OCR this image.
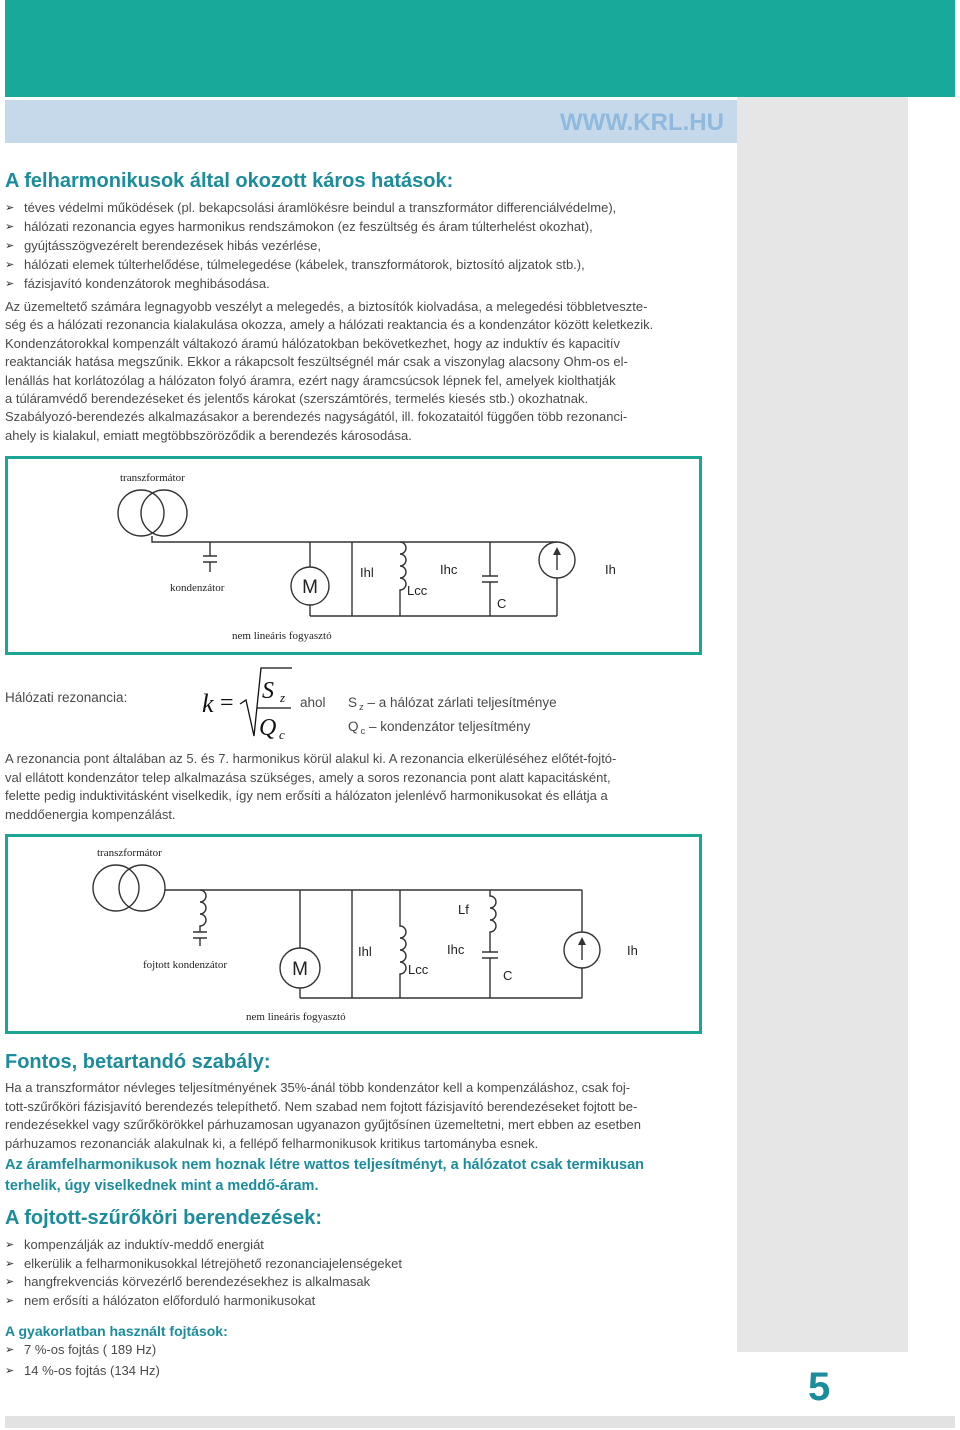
WWW.KRL.HU
A felharmonikusok által okozott káros hatások:
➢
téves védelmi működések (pl. bekapcsolási áramlökésre beindul a transzformátor differenciálvédelme),
➢
hálózati rezonancia egyes harmonikus rendszámokon (ez feszültség és áram túlterhelést okozhat),
➢
gyújtásszögvezérelt berendezések hibás vezérlése,
➢
hálózati elemek túlterhelődése, túlmelegedése (kábelek, transzformátorok, biztosító aljzatok stb.),
➢
fázisjavító kondenzátorok meghibásodása.
Az üzemeltető számára legnagyobb veszélyt a melegedés, a biztosítók kiolvadása, a melegedési többletveszte-
ség és a hálózati rezonancia kialakulása okozza, amely a hálózati reaktancia és a kondenzátor között keletkezik.
Kondenzátorokkal kompenzált váltakozó áramú hálózatokban bekövetkezhet, hogy az induktív és kapacitív
reaktanciák hatása megszűnik. Ekkor a rákapcsolt feszültségnél már csak a viszonylag alacsony Ohm-os el-
lenállás hat korlátozólag a hálózaton folyó áramra, ezért nagy áramcsúcsok lépnek fel, amelyek kiolthatják
a túláramvédő berendezéseket és jelentős károkat (szerszámtörés, termelés kiesés stb.) okozhatnak.
Szabályozó-berendezés alkalmazásakor a berendezés nagyságától, ill. fokozataitól függően több rezonanci-
ahely is kialakul, emiatt megtöbbszöröződik a berendezés károsodása.
transzformátor
kondenzátor	M
Ihl
Lcc
Ihc
C
Ih
nem lineáris fogyasztó
Hálózati rezonancia:	k = S z
Q c
ahol S $_z$ – a hálózat zárlati teljesítménye
Q $_c$ – kondenzátor teljesítmény
A rezonancia pont általában az 5. és 7. harmonikus körül alakul ki. A rezonancia elkerüléséhez előtét-fojtó-
val ellátott kondenzátor telep alkalmazása szükséges, amely a soros rezonancia pont alatt kapacitásként,
felette pedig induktivitásként viselkedik, így nem erősíti a hálózaton jelenlévő harmonikusokat és ellátja a
meddőenergia kompenzálást.
transzformátor
fojtott kondenzátor	M
Ihl
Lcc
Ihc
Lf
C
Ih
nem lineáris fogyasztó
Fontos, betartandó szabály:
Ha a transzformátor névleges teljesítményének 35%-ánál több kondenzátor kell a kompenzáláshoz, csak foj-
tott-szűrőköri fázisjavító berendezés telepíthető. Nem szabad nem fojtott fázisjavító berendezéseket fojtott be-
rendezésekkel vagy szűrőkörökkel párhuzamosan ugyanazon gyűjtősínen üzemeltetni, mert ebben az esetben
párhuzamos rezonanciák alakulnak ki, a fellépő felharmonikusok kritikus tartományba esnek.
Az áramfelharmonikusok nem hoznak létre wattos teljesítményt, a hálózatot csak termikusan
terhelik, úgy viselkednek mint a meddő-áram.
A fojtott-szűrőköri berendezések:
➢
kompenzálják az induktív-meddő energiát
➢
elkerülik a felharmonikusokkal létrejöhető rezonanciajelenségeket
➢
hangfrekvenciás körvezérlő berendezésekhez is alkalmasak
➢
nem erősíti a hálózaton előforduló harmonikusokat
A gyakorlatban használt fojtások:
➢
7 %-os fojtás ( 189 Hz)
➢
14 %-os fojtás (134 Hz)	5
